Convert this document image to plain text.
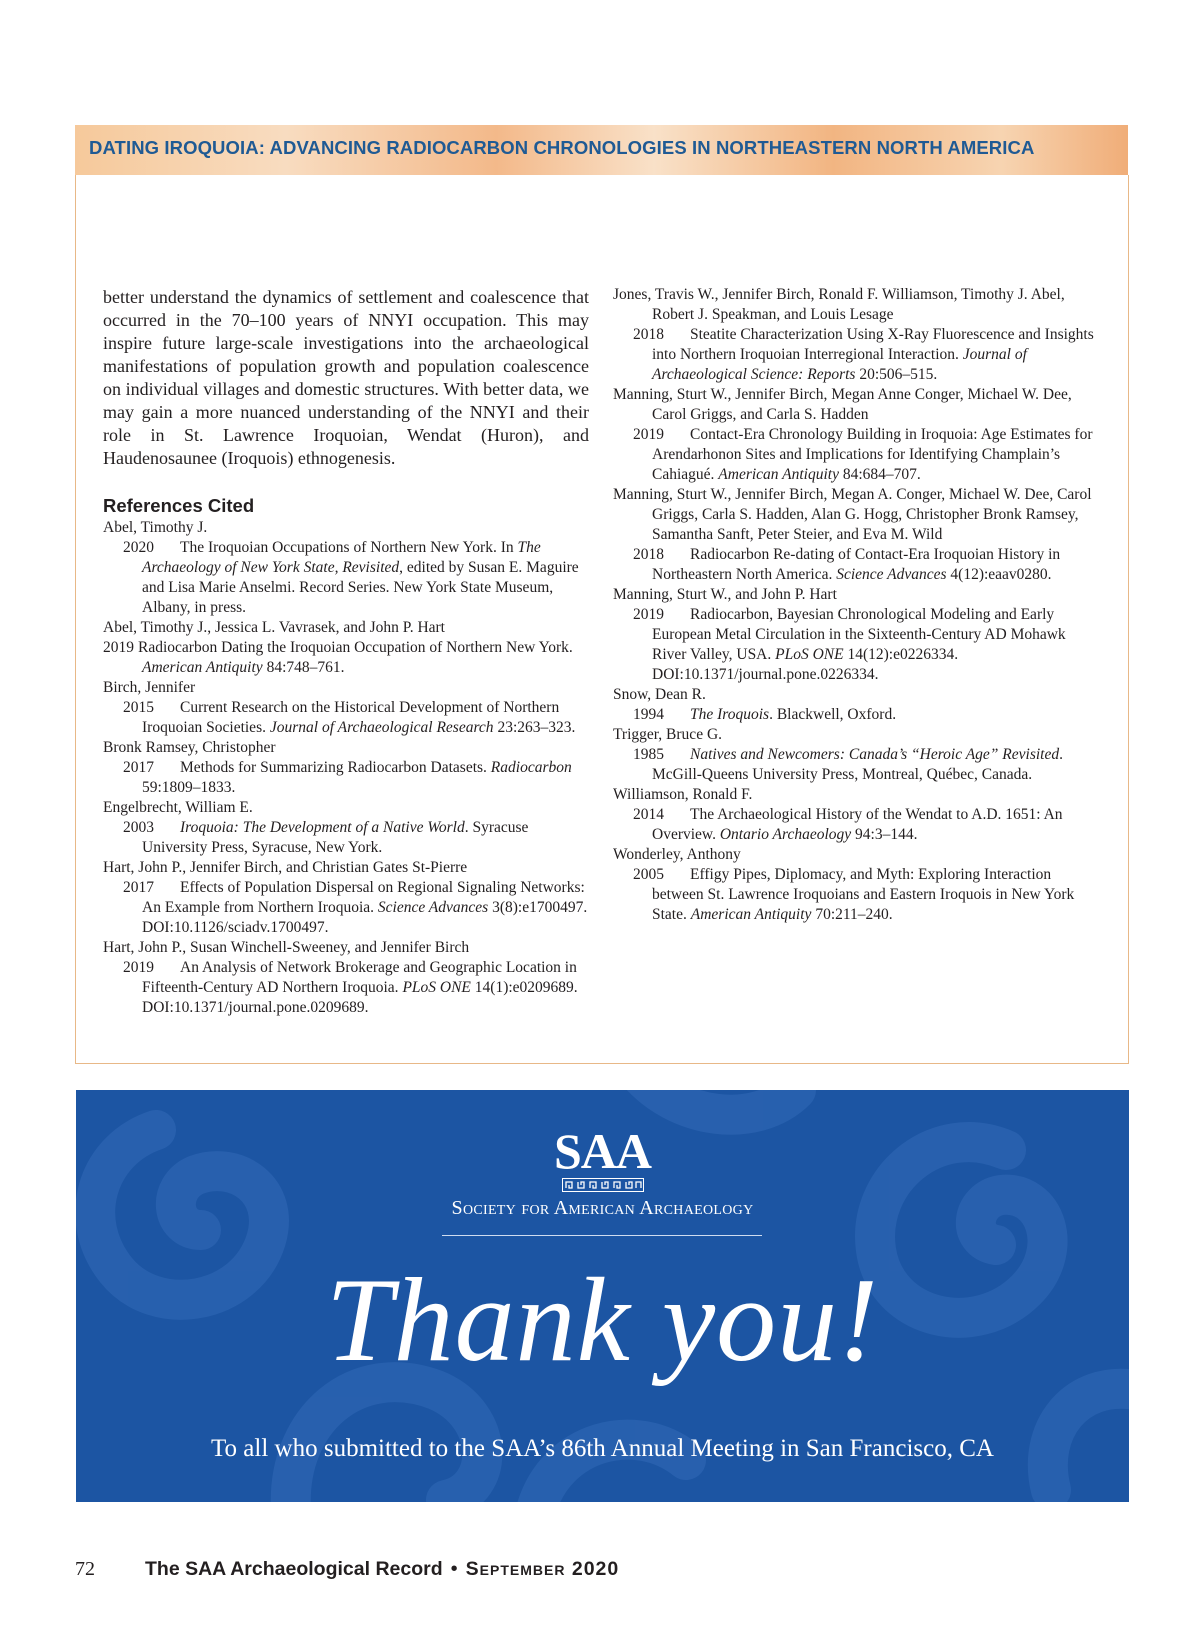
DATING IROQUOIA: ADVANCING RADIOCARBON CHRONOLOGIES IN NORTHEASTERN NORTH AMERICA

better understand the dynamics of settlement and coalescence that occurred in the 70–100 years of NNYI occupation. This may inspire future large-scale investigations into the archaeological manifestations of population growth and population coalescence on individual villages and domestic structures. With better data, we may gain a more nuanced understanding of the NNYI and their role in St. Lawrence Iroquoian, Wendat (Huron), and Haudenosaunee (Iroquois) ethnogenesis.

References Cited
Abel, Timothy J.
2020 The Iroquoian Occupations of Northern New York. In The Archaeology of New York State, Revisited, edited by Susan E. Maguire and Lisa Marie Anselmi. Record Series. New York State Museum, Albany, in press.
Abel, Timothy J., Jessica L. Vavrasek, and John P. Hart
2019 Radiocarbon Dating the Iroquoian Occupation of Northern New York. American Antiquity 84:748–761.
Birch, Jennifer
2015 Current Research on the Historical Development of Northern Iroquoian Societies. Journal of Archaeological Research 23:263–323.
Bronk Ramsey, Christopher
2017 Methods for Summarizing Radiocarbon Datasets. Radiocarbon 59:1809–1833.
Engelbrecht, William E.
2003 Iroquoia: The Development of a Native World. Syracuse University Press, Syracuse, New York.
Hart, John P., Jennifer Birch, and Christian Gates St-Pierre
2017 Effects of Population Dispersal on Regional Signaling Networks: An Example from Northern Iroquoia. Science Advances 3(8):e1700497. DOI:10.1126/sciadv.1700497.
Hart, John P., Susan Winchell-Sweeney, and Jennifer Birch
2019 An Analysis of Network Brokerage and Geographic Location in Fifteenth-Century AD Northern Iroquoia. PLoS ONE 14(1):e0209689. DOI:10.1371/journal.pone.0209689.
Jones, Travis W., Jennifer Birch, Ronald F. Williamson, Timothy J. Abel, Robert J. Speakman, and Louis Lesage
2018 Steatite Characterization Using X-Ray Fluorescence and Insights into Northern Iroquoian Interregional Interaction. Journal of Archaeological Science: Reports 20:506–515.
Manning, Sturt W., Jennifer Birch, Megan Anne Conger, Michael W. Dee, Carol Griggs, and Carla S. Hadden
2019 Contact-Era Chronology Building in Iroquoia: Age Estimates for Arendarhonon Sites and Implications for Identifying Champlain’s Cahiagué. American Antiquity 84:684–707.
Manning, Sturt W., Jennifer Birch, Megan A. Conger, Michael W. Dee, Carol Griggs, Carla S. Hadden, Alan G. Hogg, Christopher Bronk Ramsey, Samantha Sanft, Peter Steier, and Eva M. Wild
2018 Radiocarbon Re-dating of Contact-Era Iroquoian History in Northeastern North America. Science Advances 4(12):eaav0280.
Manning, Sturt W., and John P. Hart
2019 Radiocarbon, Bayesian Chronological Modeling and Early European Metal Circulation in the Sixteenth-Century AD Mohawk River Valley, USA. PLoS ONE 14(12):e0226334. DOI:10.1371/journal.pone.0226334.
Snow, Dean R.
1994 The Iroquois. Blackwell, Oxford.
Trigger, Bruce G.
1985 Natives and Newcomers: Canada’s “Heroic Age” Revisited. McGill-Queens University Press, Montreal, Québec, Canada.
Williamson, Ronald F.
2014 The Archaeological History of the Wendat to A.D. 1651: An Overview. Ontario Archaeology 94:3–144.
Wonderley, Anthony
2005 Effigy Pipes, Diplomacy, and Myth: Exploring Interaction between St. Lawrence Iroquoians and Eastern Iroquois in New York State. American Antiquity 70:211–240.
SAA
Society for American Archaeology
Thank you!
To all who submitted to the SAA’s 86th Annual Meeting in San Francisco, CA
72	The SAA Archaeological Record • September 2020
